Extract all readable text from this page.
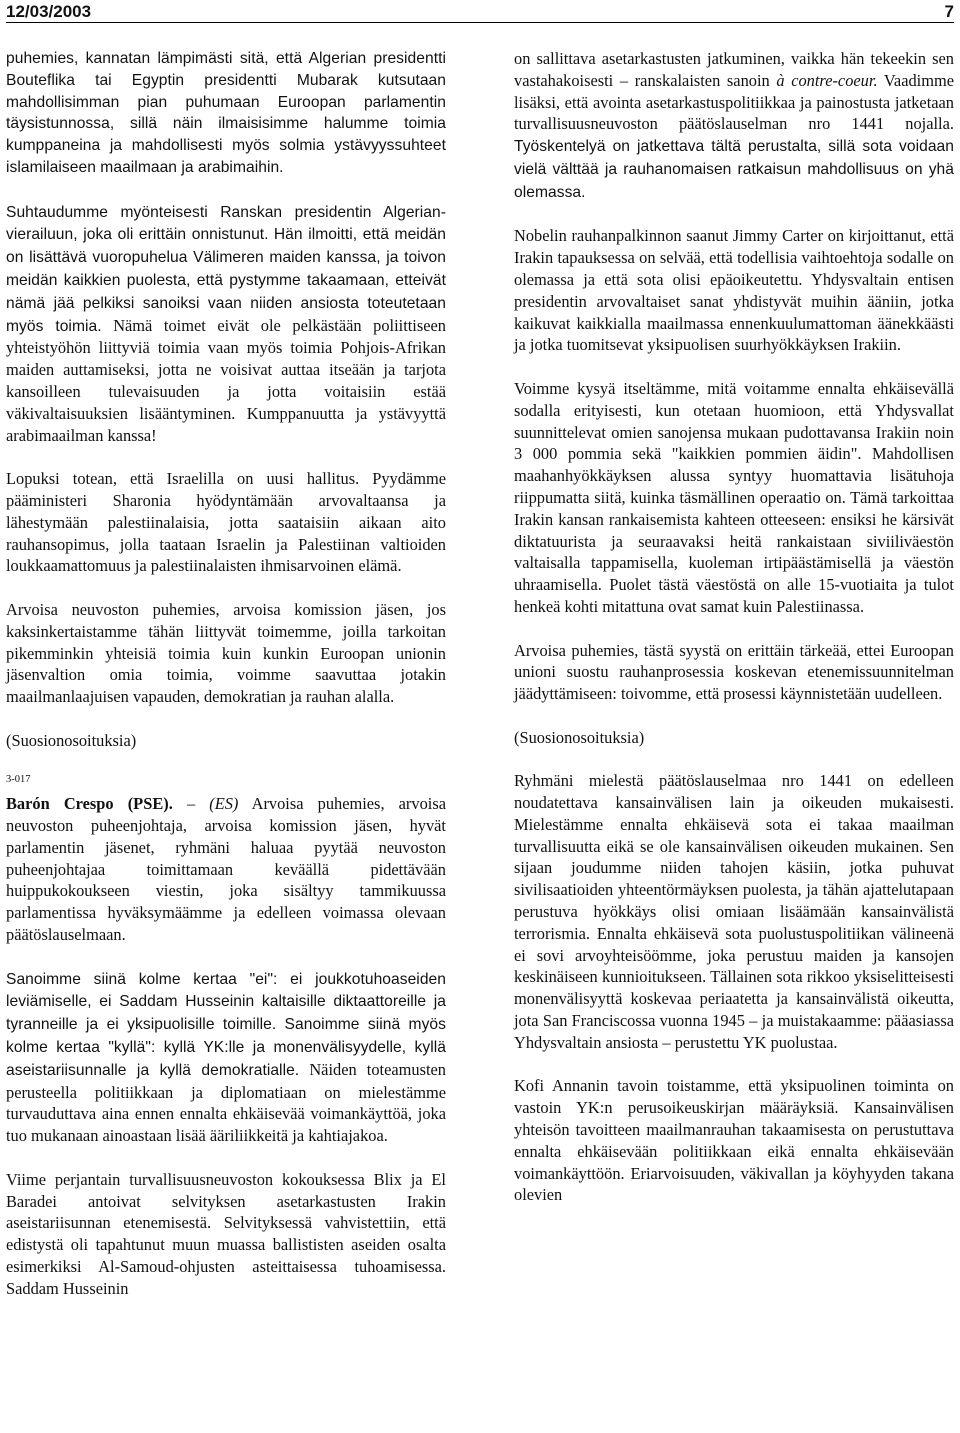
12/03/2003	7

puhemies, kannatan lämpimästi sitä, että Algerian presidentti Bouteflika tai Egyptin presidentti Mubarak kutsutaan mahdollisimman pian puhumaan Euroopan parlamentin täysistunnossa, sillä näin ilmaisisimme halumme toimia kumppaneina ja mahdollisesti myös solmia ystävyyssuhteet islamilaiseen maailmaan ja arabimaihin.

Suhtaudumme myönteisesti Ranskan presidentin Algerian-vierailuun, joka oli erittäin onnistunut. Hän ilmoitti, että meidän on lisättävä vuoropuhelua Välimeren maiden kanssa, ja toivon meidän kaikkien puolesta, että pystymme takaamaan, etteivät nämä jää pelkiksi sanoiksi vaan niiden ansiosta toteutetaan myös toimia. Nämä toimet eivät ole pelkästään poliittiseen yhteistyöhön liittyviä toimia vaan myös toimia Pohjois-Afrikan maiden auttamiseksi, jotta ne voisivat auttaa itseään ja tarjota kansoilleen tulevaisuuden ja jotta voitaisiin estää väkivaltaisuuksien lisääntyminen. Kumppanuutta ja ystävyyttä arabimaailman kanssa!

Lopuksi totean, että Israelilla on uusi hallitus. Pyydämme pääministeri Sharonia hyödyntämään arvovaltaansa ja lähestymään palestiinalaisia, jotta saataisiin aikaan aito rauhansopimus, jolla taataan Israelin ja Palestiinan valtioiden loukkaamattomuus ja palestiinalaisten ihmisarvoinen elämä.

Arvoisa neuvoston puhemies, arvoisa komission jäsen, jos kaksinkertaistamme tähän liittyvät toimemme, joilla tarkoitan pikemminkin yhteisiä toimia kuin kunkin Euroopan unionin jäsenvaltion omia toimia, voimme saavuttaa jotakin maailmanlaajuisen vapauden, demokratian ja rauhan alalla.

(Suosionosoituksia)
3-017

Barón Crespo (PSE). – (ES) Arvoisa puhemies, arvoisa neuvoston puheenjohtaja, arvoisa komission jäsen, hyvät parlamentin jäsenet, ryhmäni haluaa pyytää neuvoston puheenjohtajaa toimittamaan keväällä pidettävään huippukokoukseen viestin, joka sisältyy tammikuussa parlamentissa hyväksymäämme ja edelleen voimassa olevaan päätöslauselmaan.

Sanoimme siinä kolme kertaa "ei": ei joukkotuhoaseiden leviämiselle, ei Saddam Husseinin kaltaisille diktaattoreille ja tyranneille ja ei yksipuolisille toimille. Sanoimme siinä myös kolme kertaa "kyllä": kyllä YK:lle ja monenvälisyydelle, kyllä aseistariisunnalle ja kyllä demokratialle. Näiden toteamusten perusteella politiikkaan ja diplomatiaan on mielestämme turvauduttava aina ennen ennalta ehkäisevää voimankäyttöä, joka tuo mukanaan ainoastaan lisää ääriliikkeitä ja kahtiajakoa.

Viime perjantain turvallisuusneuvoston kokouksessa Blix ja El Baradei antoivat selvityksen asetarkastusten Irakin aseistariisunnan etenemisestä. Selvityksessä vahvistettiin, että edistystä oli tapahtunut muun muassa ballististen aseiden osalta esimerkiksi Al-Samoud-ohjusten asteittaisessa tuhoamisessa. Saddam Husseinin

on sallittava asetarkastusten jatkuminen, vaikka hän tekeekin sen vastahakoisesti – ranskalaisten sanoin à contre-coeur. Vaadimme lisäksi, että avointa asetarkastuspolitiikkaa ja painostusta jatketaan turvallisuusneuvoston päätöslauselman nro 1441 nojalla. Työskentelyä on jatkettava tältä perustalta, sillä sota voidaan vielä välttää ja rauhanomaisen ratkaisun mahdollisuus on yhä olemassa.

Nobelin rauhanpalkinnon saanut Jimmy Carter on kirjoittanut, että Irakin tapauksessa on selvää, että todellisia vaihtoehtoja sodalle on olemassa ja että sota olisi epäoikeutettu. Yhdysvaltain entisen presidentin arvovaltaiset sanat yhdistyvät muihin ääniin, jotka kaikuvat kaikkialla maailmassa ennenkuulumattoman äänekkäästi ja jotka tuomitsevat yksipuolisen suurhyökkäyksen Irakiin.

Voimme kysyä itseltämme, mitä voitamme ennalta ehkäisevällä sodalla erityisesti, kun otetaan huomioon, että Yhdysvallat suunnittelevat omien sanojensa mukaan pudottavansa Irakiin noin 3 000 pommia sekä "kaikkien pommien äidin". Mahdollisen maahanhyökkäyksen alussa syntyy huomattavia lisätuhoja riippumatta siitä, kuinka täsmällinen operaatio on. Tämä tarkoittaa Irakin kansan rankaisemista kahteen otteeseen: ensiksi he kärsivät diktatuurista ja seuraavaksi heitä rankaistaan siviiliväestön valtaisalla tappamisella, kuoleman irtipäästämisellä ja väestön uhraamisella. Puolet tästä väestöstä on alle 15-vuotiaita ja tulot henkeä kohti mitattuna ovat samat kuin Palestiinassa.

Arvoisa puhemies, tästä syystä on erittäin tärkeää, ettei Euroopan unioni suostu rauhanprosessia koskevan etenemissuunnitelman jäädyttämiseen: toivomme, että prosessi käynnistetään uudelleen.

(Suosionosoituksia)

Ryhmäni mielestä päätöslauselmaa nro 1441 on edelleen noudatettava kansainvälisen lain ja oikeuden mukaisesti. Mielestämme ennalta ehkäisevä sota ei takaa maailman turvallisuutta eikä se ole kansainvälisen oikeuden mukainen. Sen sijaan joudumme niiden tahojen käsiin, jotka puhuvat sivilisaatioiden yhteentörmäyksen puolesta, ja tähän ajattelutapaan perustuva hyökkäys olisi omiaan lisäämään kansainvälistä terrorismia. Ennalta ehkäisevä sota puolustuspolitiikan välineenä ei sovi arvoyhteisöömme, joka perustuu maiden ja kansojen keskinäiseen kunnioitukseen. Tällainen sota rikkoo yksiselitteisesti monenvälisyyttä koskevaa periaatetta ja kansainvälistä oikeutta, jota San Franciscossa vuonna 1945 – ja muistakaamme: pääasiassa Yhdysvaltain ansiosta – perustettu YK puolustaa.

Kofi Annanin tavoin toistamme, että yksipuolinen toiminta on vastoin YK:n perusoikeuskirjan määräyksiä. Kansainvälisen yhteisön tavoitteen maailmanrauhan takaamisesta on perustuttava ennalta ehkäisevään politiikkaan eikä ennalta ehkäisevään voimankäyttöön. Eriarvoisuuden, väkivallan ja köyhyyden takana olevien
